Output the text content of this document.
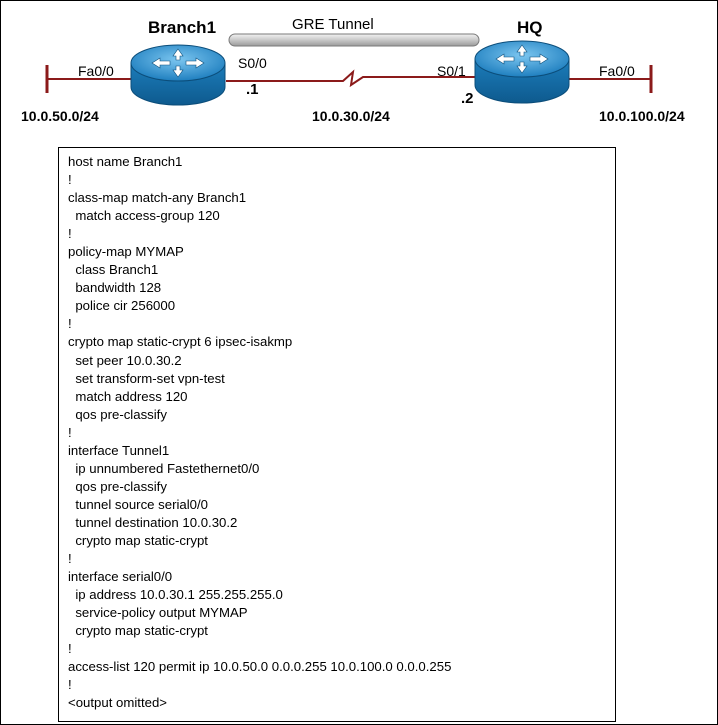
Branch1	HQ
GRE Tunnel
Fa0/0	S0/0
.1
S0/1	Fa0/0
.2
10.0.50.0/24	10.0.30.0/24	10.0.100.0/24
host name Branch1
!
class-map match-any Branch1
match access-group 120
!
policy-map MYMAP
class Branch1
bandwidth 128
police cir 256000
!
crypto map static-crypt 6 ipsec-isakmp
set peer 10.0.30.2
set transform-set vpn-test
match address 120
qos pre-classify
!
interface Tunnel1
ip unnumbered Fastethernet0/0
qos pre-classify
tunnel source serial0/0
tunnel destination 10.0.30.2
crypto map static-crypt
!
interface serial0/0
ip address 10.0.30.1 255.255.255.0
service-policy output MYMAP
crypto map static-crypt
!
access-list 120 permit ip 10.0.50.0 0.0.0.255 10.0.100.0 0.0.0.255
!
<output omitted>
